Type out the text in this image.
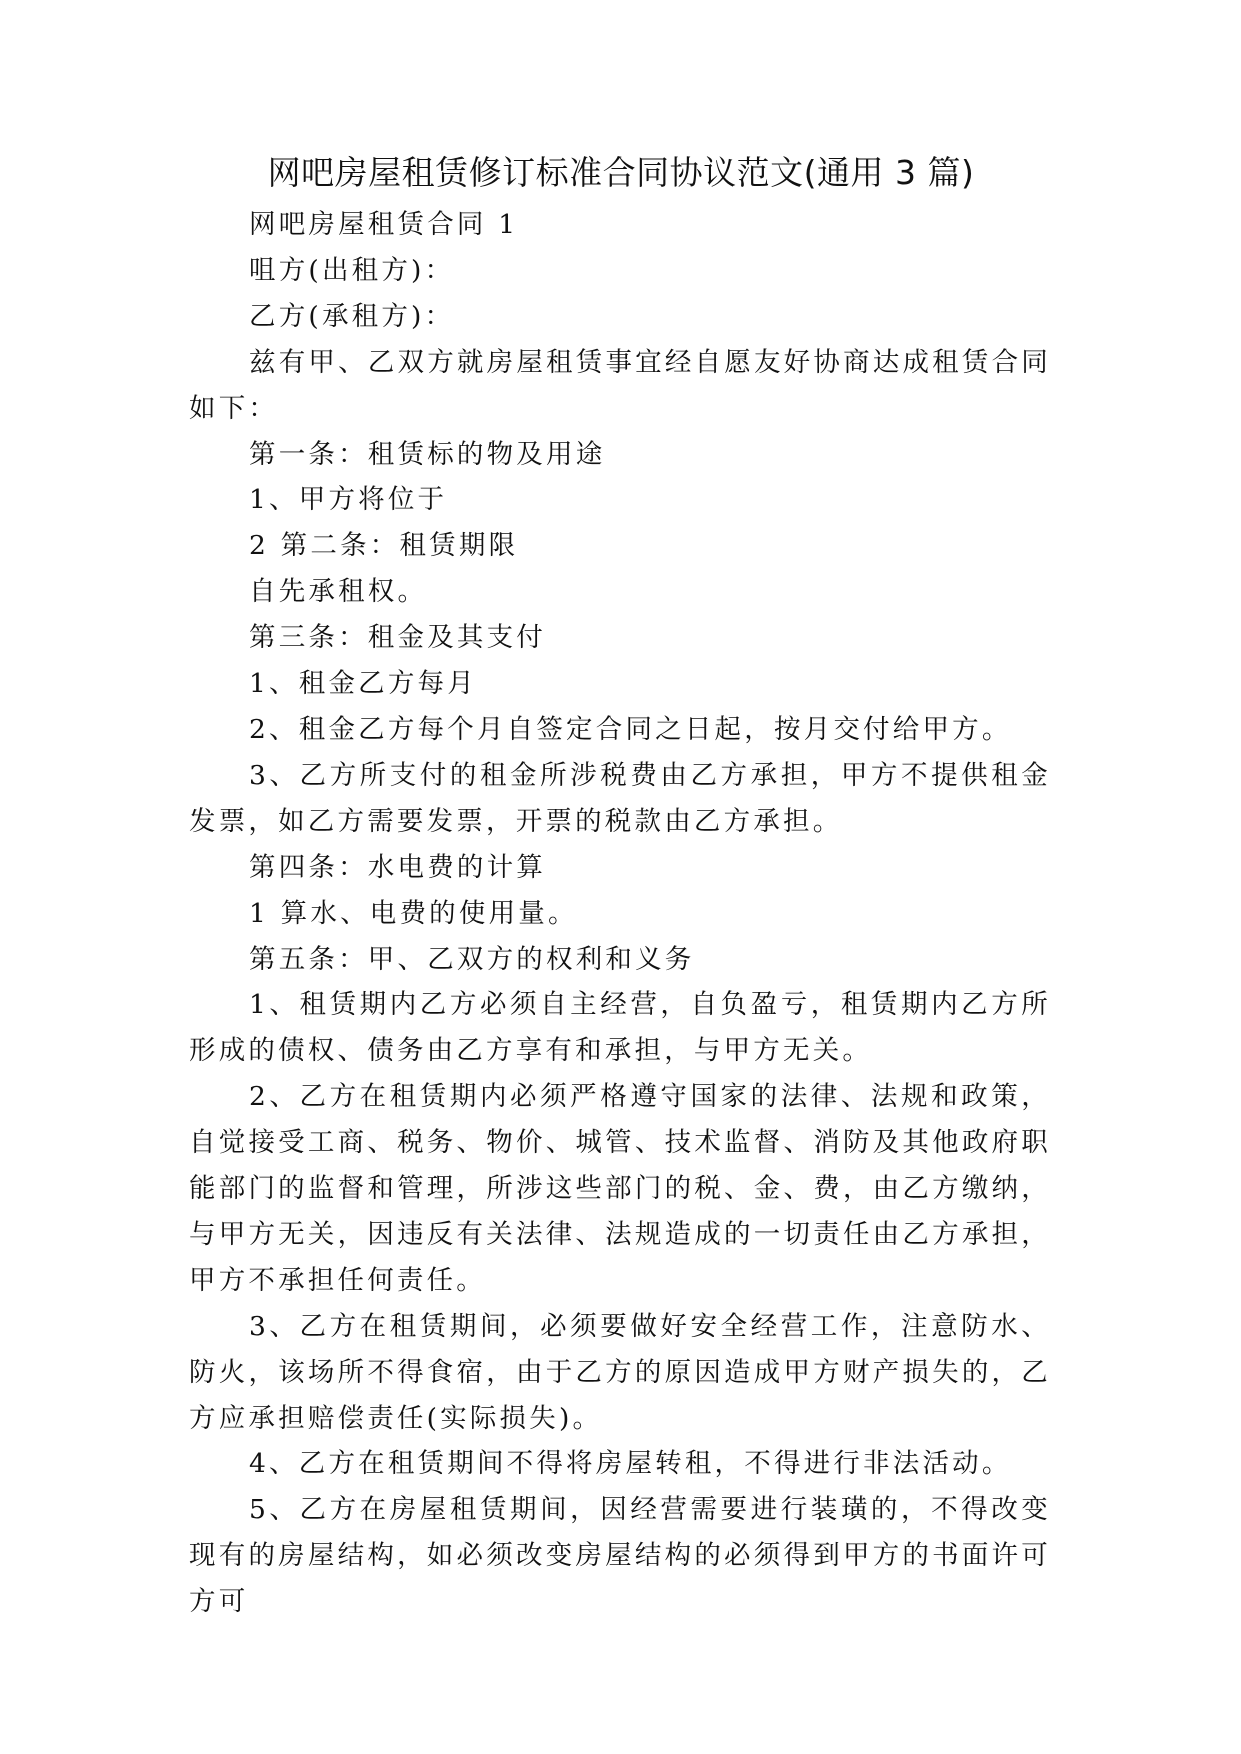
网吧房屋租赁修订标准合同协议范文(通用 3 篇)

网吧房屋租赁合同 1

咀方(出租方)：

乙方(承租方)：

兹有甲、乙双方就房屋租赁事宜经自愿友好协商达成租赁合同如下：

第一条：租赁标的物及用途

1、甲方将位于

2 第二条：租赁期限

自先承租权。

第三条：租金及其支付

1、租金乙方每月

2、租金乙方每个月自签定合同之日起，按月交付给甲方。

3、乙方所支付的租金所涉税费由乙方承担，甲方不提供租金发票，如乙方需要发票，开票的税款由乙方承担。

第四条：水电费的计算

1 算水、电费的使用量。

第五条：甲、乙双方的权利和义务

1、租赁期内乙方必须自主经营，自负盈亏，租赁期内乙方所形成的债权、债务由乙方享有和承担，与甲方无关。

2、乙方在租赁期内必须严格遵守国家的法律、法规和政策，自觉接受工商、税务、物价、城管、技术监督、消防及其他政府职能部门的监督和管理，所涉这些部门的税、金、费，由乙方缴纳，与甲方无关，因违反有关法律、法规造成的一切责任由乙方承担，甲方不承担任何责任。

3、乙方在租赁期间，必须要做好安全经营工作，注意防水、防火，该场所不得食宿，由于乙方的原因造成甲方财产损失的，乙方应承担赔偿责任(实际损失)。

4、乙方在租赁期间不得将房屋转租，不得进行非法活动。

5、乙方在房屋租赁期间，因经营需要进行装璜的，不得改变现有的房屋结构，如必须改变房屋结构的必须得到甲方的书面许可方可
